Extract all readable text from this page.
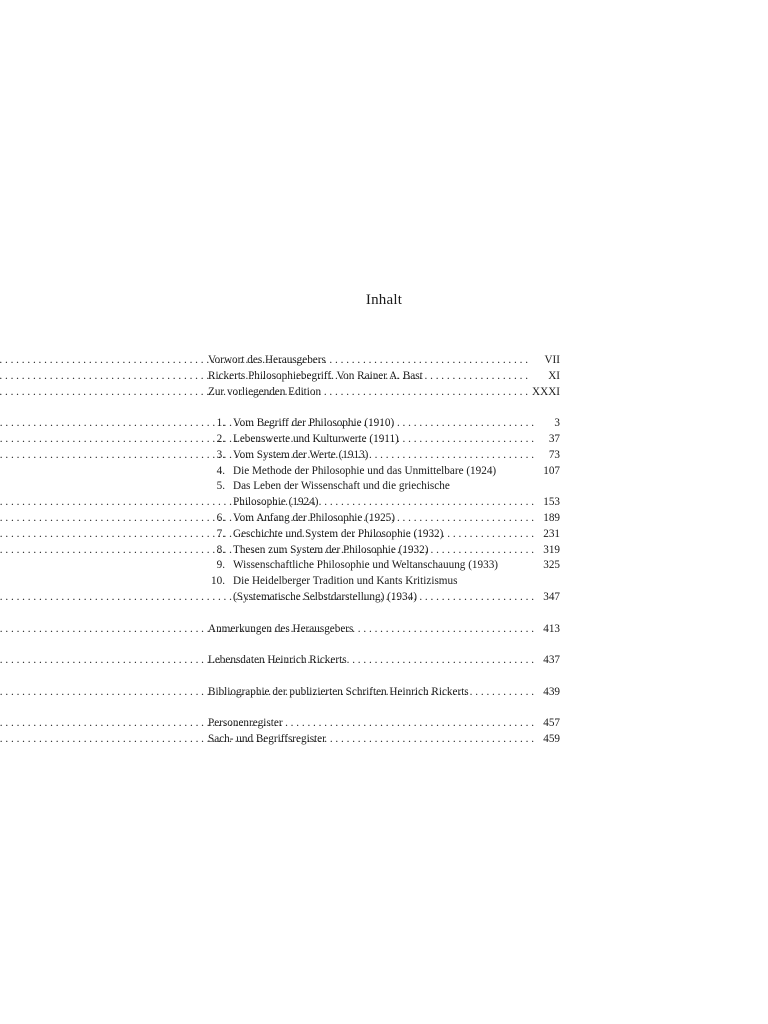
Inhalt
Vorwort des Herausgebers . . .	VII
Rickerts Philosophiebegriff. Von Rainer A. Bast . . .	XI
Zur vorliegenden Edition . . .	XXXI
1. Vom Begriff der Philosophie (1910) . . .	3
2. Lebenswerte und Kulturwerte (1911) . . .	37
3. Vom System der Werte (1913) . . .	73
4. Die Methode der Philosophie und das Unmittelbare (1924)	107
5. Das Leben der Wissenschaft und die griechische
Philosophie (1924) . . .	153
6. Vom Anfang der Philosophie (1925) . . .	189
7. Geschichte und System der Philosophie (1932) . . .	231
8. Thesen zum System der Philosophie (1932) . . .	319
9. Wissenschaftliche Philosophie und Weltanschauung (1933)	325
10. Die Heidelberger Tradition und Kants Kritizismus
(Systematische Selbstdarstellung) (1934) . . .	347
Anmerkungen des Herausgebers . . .	413
Lebensdaten Heinrich Rickerts . . .	437
Bibliographie der publizierten Schriften Heinrich Rickerts . . .	439
Personenregister . . .	457
Sach- und Begriffsregister . . .	459
